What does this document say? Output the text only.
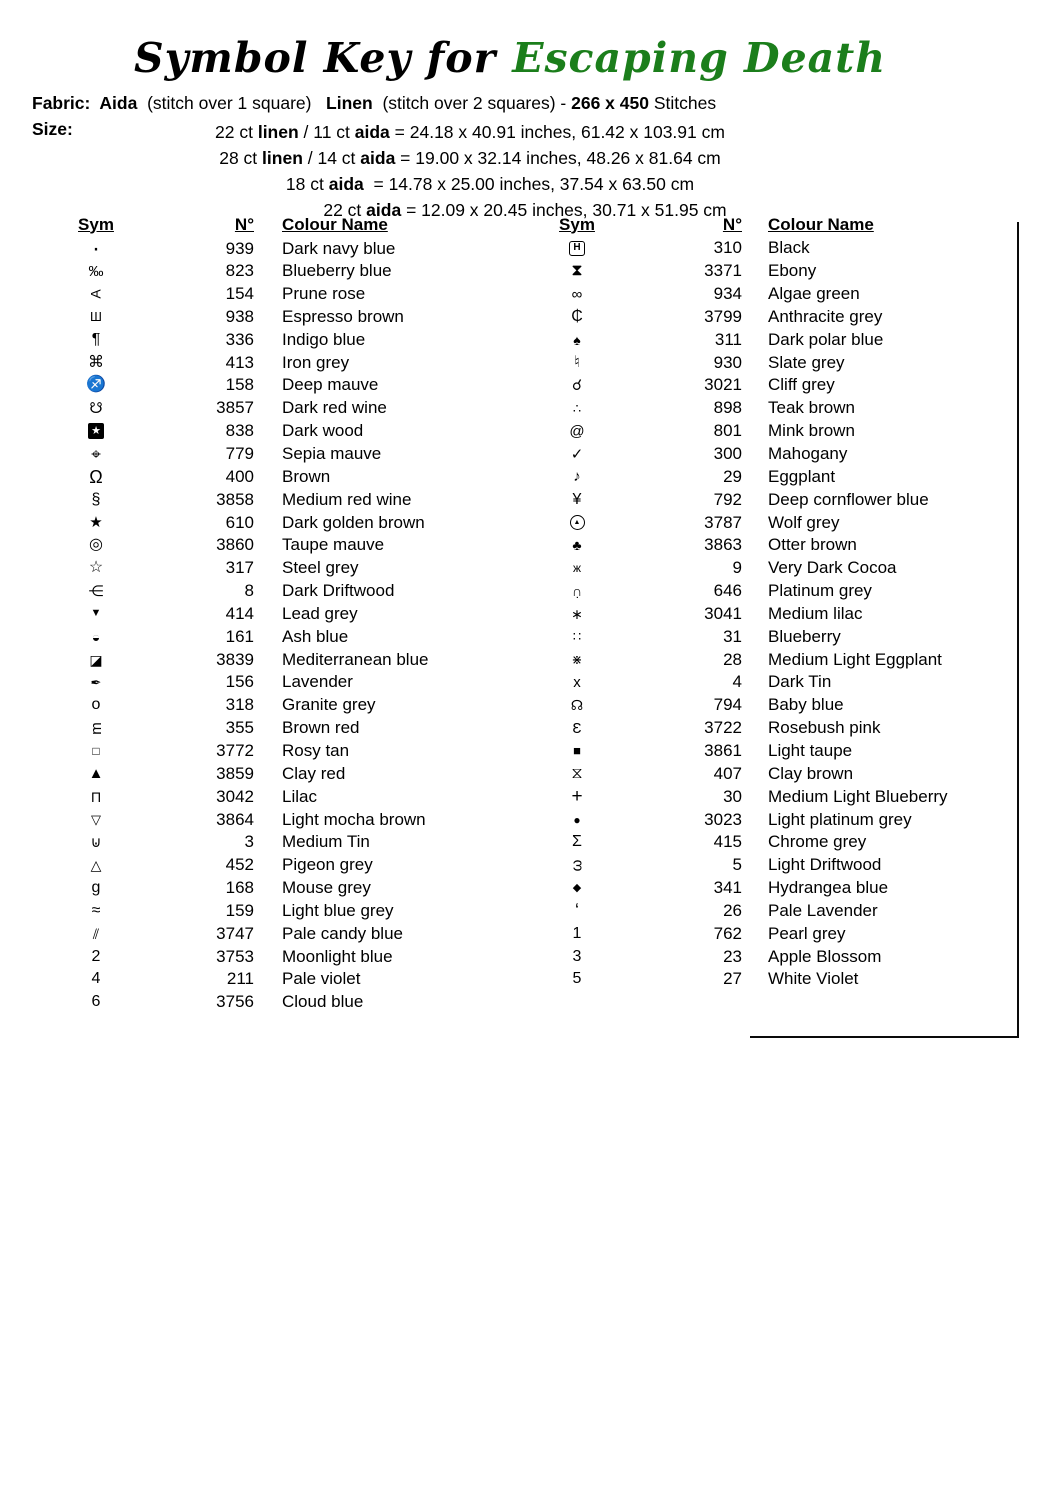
Symbol Key for Escaping Death
Fabric:  Aida  (stitch over 1 square)   Linen  (stitch over 2 squares) - 266 x 450 Stitches
Size:	22 ct linen / 11 ct aida = 24.18 x 40.91 inches, 61.42 x 103.91 cm
28 ct linen / 14 ct aida = 19.00 x 32.14 inches, 48.26 x 81.64 cm
18 ct aida  = 14.78 x 25.00 inches, 37.54 x 63.50 cm
22 ct aida = 12.09 x 20.45 inches, 30.71 x 51.95 cm
Sym	N°	Colour Name
·	939	Dark navy blue
‰	823	Blueberry blue
A	154	Prune rose
Ш	938	Espresso brown
¶	336	Indigo blue
⌘	413	Iron grey
♐	158	Deep mauve
☋	3857	Dark red wine
★	838	Dark wood
⌖	779	Sepia mauve
Ω	400	Brown
§	3858	Medium red wine
★	610	Dark golden brown
◎	3860	Taupe mauve
☆	317	Steel grey
⋲	8	Dark Driftwood
▼	414	Lead grey
◒	161	Ash blue
◪	3839	Mediterranean blue
✒	156	Lavender
o	318	Granite grey
m	355	Brown red
□	3772	Rosy tan
▲	3859	Clay red
Π	3042	Lilac
▽	3864	Light mocha brown
⊍	3	Medium Tin
△	452	Pigeon grey
g	168	Mouse grey
≈	159	Light blue grey
⫽	3747	Pale candy blue
2	3753	Moonlight blue
4	211	Pale violet
6	3756	Cloud blue
Sym	N°	Colour Name
H	310	Black
⧗	3371	Ebony
∞	934	Algae green
₵	3799	Anthracite grey
♠	311	Dark polar blue
♮	930	Slate grey
☌	3021	Cliff grey
∴	898	Teak brown
@	801	Mink brown
✓	300	Mahogany
♪	29	Eggplant
¥	792	Deep cornflower blue
▲	3787	Wolf grey
♣	3863	Otter brown
ж	9	Very Dark Cocoa
∩̣	646	Platinum grey
∗	3041	Medium lilac
∷	31	Blueberry
⋇	28	Medium Light Eggplant
x	4	Dark Tin
☊	794	Baby blue
Ɛ	3722	Rosebush pink
■	3861	Light taupe
⧖	407	Clay brown
+	30	Medium Light Blueberry
●	3023	Light platinum grey
Σ	415	Chrome grey
ω	5	Light Driftwood
◆	341	Hydrangea blue
ʻ	26	Pale Lavender
1	762	Pearl grey
3	23	Apple Blossom
5	27	White Violet
